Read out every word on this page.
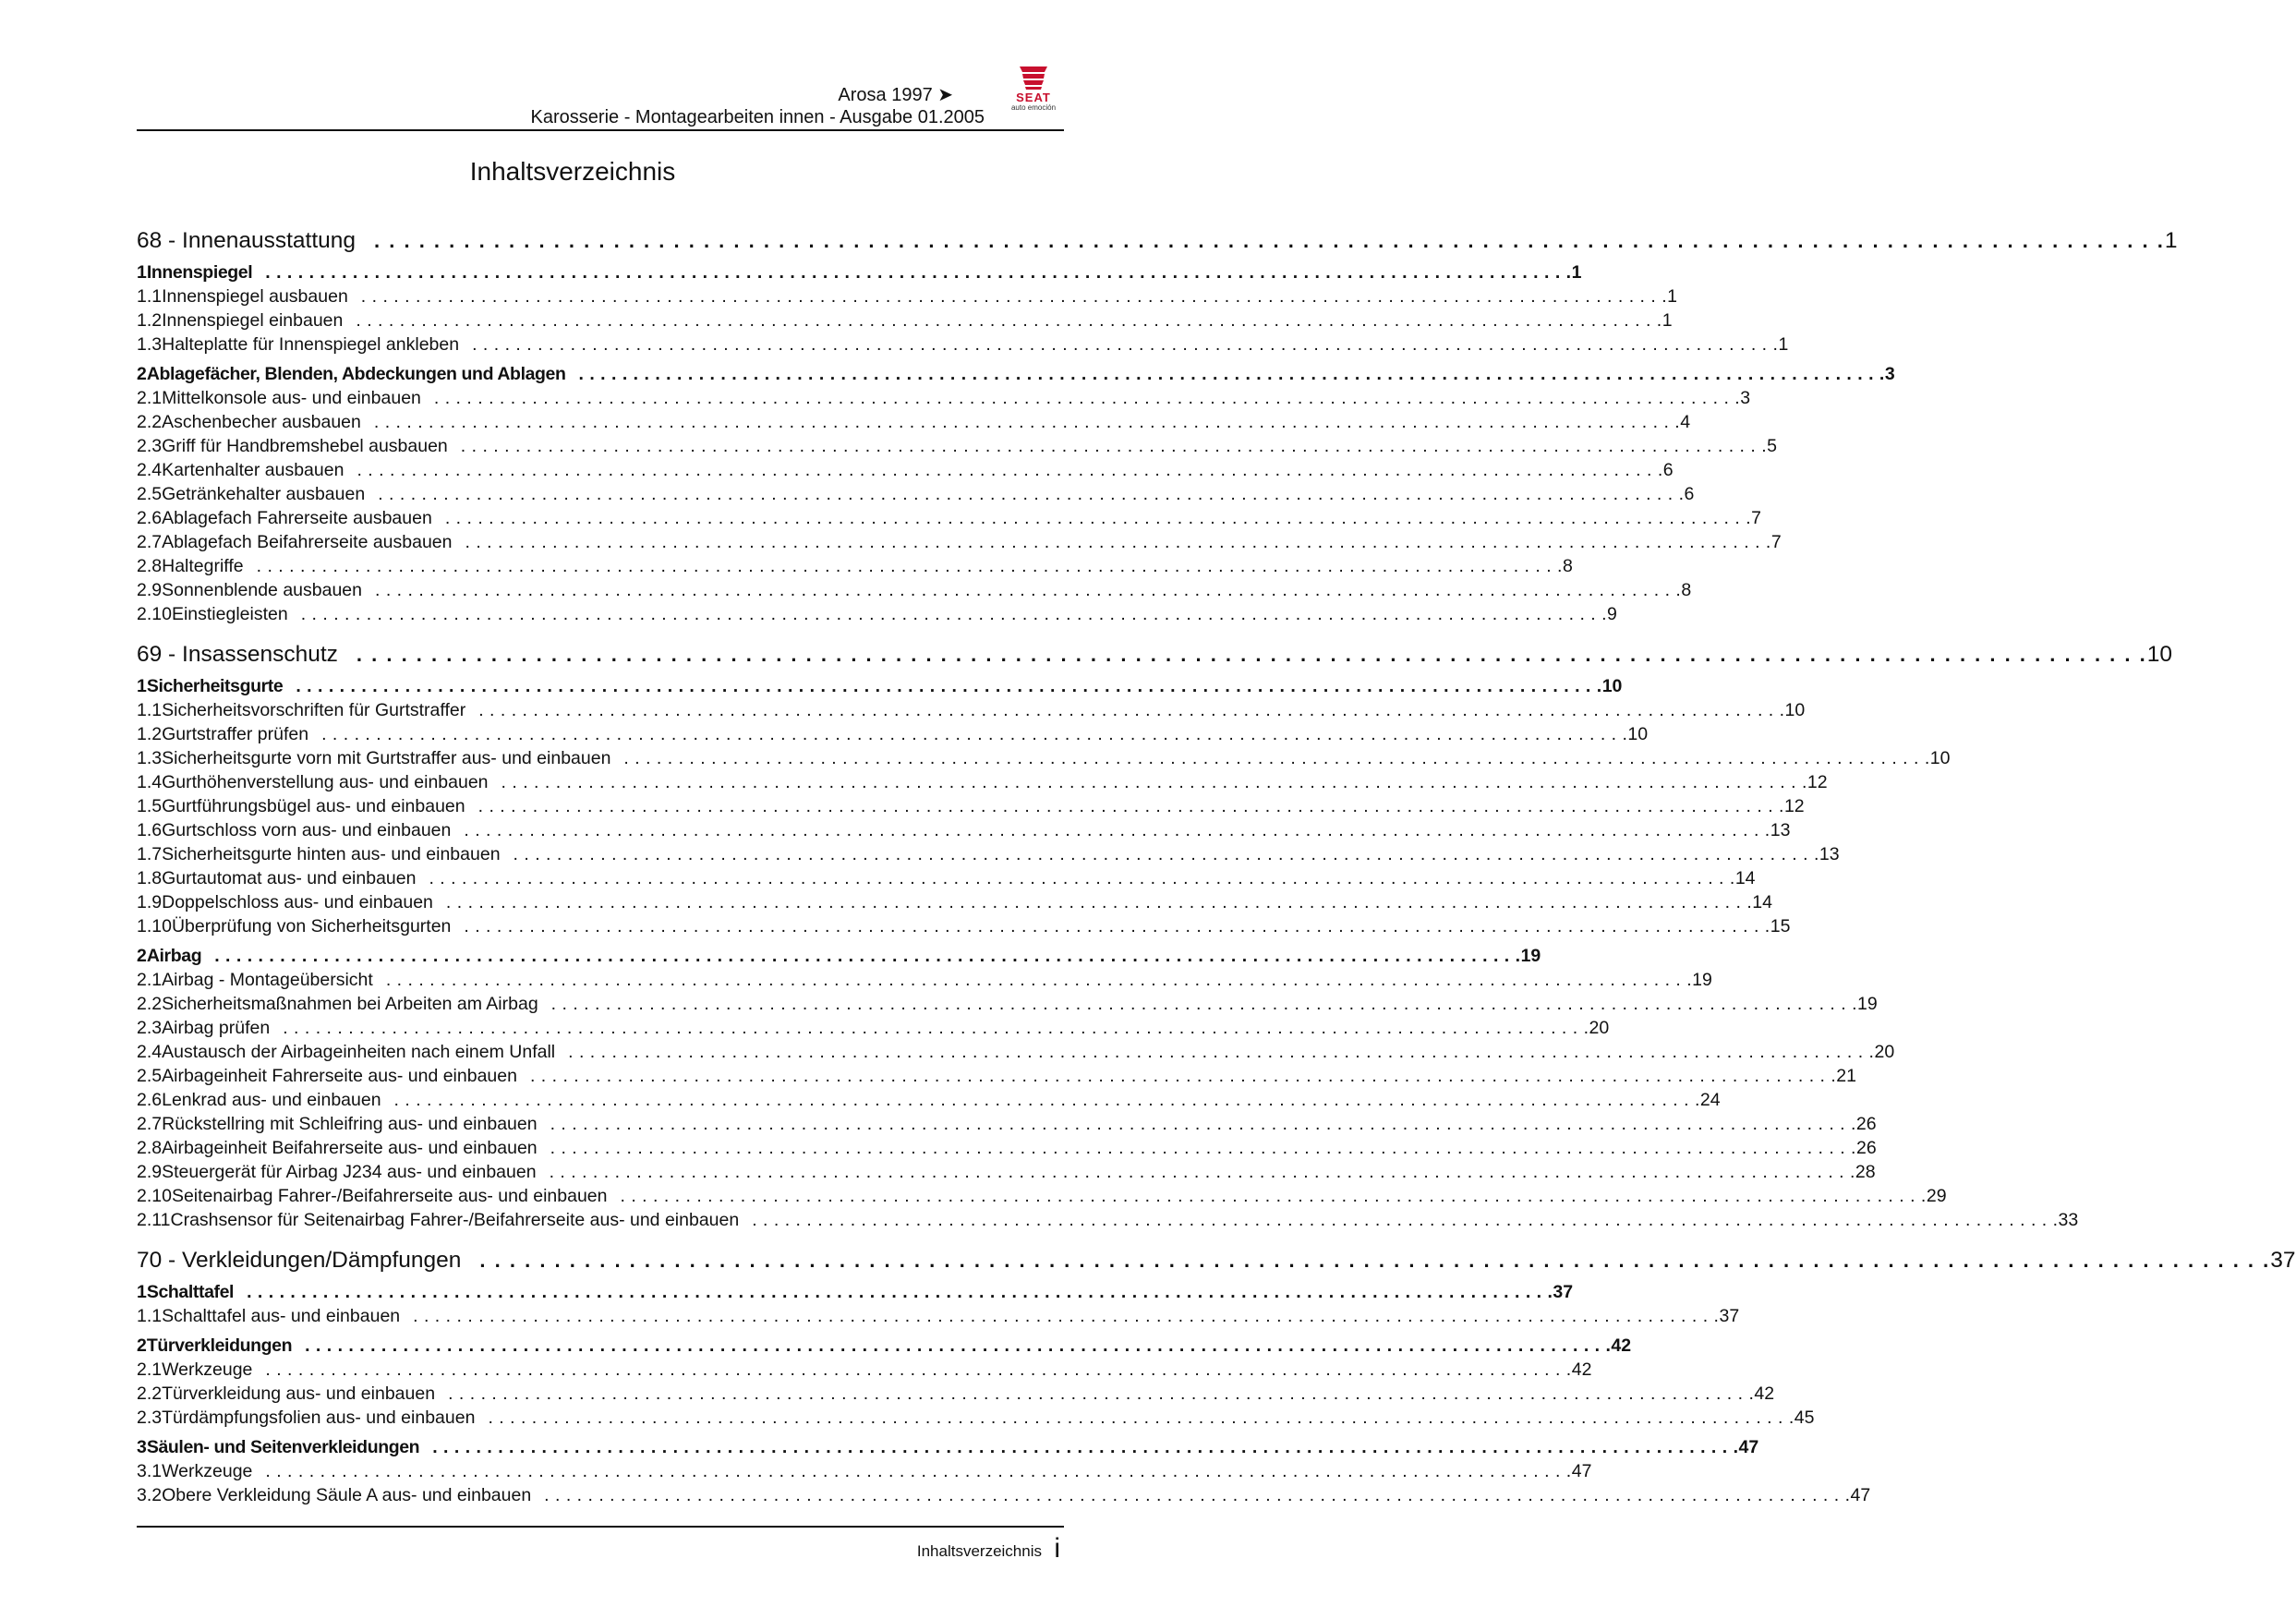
Arosa 1997 ➤
Karosserie - Montagearbeiten innen - Ausgabe 01.2005
SEAT
auto emoción
Inhaltsverzeichnis
68 - Innenausstattung . . . . . . . . . . . . . . . . . . . . . . . . . . . . . . . . . . . . . . . . . . . . . . . . . . . . . . . . . . . . . . . . . . . . . . . . . . . . . . . . . . . . . . . . . . . . . . . . . . . . . . . . . . . . . . . . . . . . . . . . 1
1 Innenspiegel . . . . . . . . . . . . . . . . . . . . . . . . . . . . . . . . . . . . . . . . . . . . . . . . . . . . . . . . . . . . . . . . . . . . . . . . . . . . . . . . . . . . . . . . . . . . . . . . . . . . . . . . . . . . . . . . . . . . . . . . 1
1.1 Innenspiegel ausbauen . . . . . . . . . . . . . . . . . . . . . . . . . . . . . . . . . . . . . . . . . . . . . . . . . . . . . . . . . . . . . . . . . . . . . . . . . . . . . . . . . . . . . . . . . . . . . . . . . . . . . . . . . . . . . . . . . . . . . . . . 1
1.2 Innenspiegel einbauen . . . . . . . . . . . . . . . . . . . . . . . . . . . . . . . . . . . . . . . . . . . . . . . . . . . . . . . . . . . . . . . . . . . . . . . . . . . . . . . . . . . . . . . . . . . . . . . . . . . . . . . . . . . . . . . . . . . . . . . . 1
1.3 Halteplatte für Innenspiegel ankleben . . . . . . . . . . . . . . . . . . . . . . . . . . . . . . . . . . . . . . . . . . . . . . . . . . . . . . . . . . . . . . . . . . . . . . . . . . . . . . . . . . . . . . . . . . . . . . . . . . . . . . . . . . . . . . . . . . . . . . . . 1
2 Ablagefächer, Blenden, Abdeckungen und Ablagen . . . . . . . . . . . . . . . . . . . . . . . . . . . . . . . . . . . . . . . . . . . . . . . . . . . . . . . . . . . . . . . . . . . . . . . . . . . . . . . . . . . . . . . . . . . . . . . . . . . . . . . . . . . . . . . . . . . . . . . . 3
2.1 Mittelkonsole aus- und einbauen . . . . . . . . . . . . . . . . . . . . . . . . . . . . . . . . . . . . . . . . . . . . . . . . . . . . . . . . . . . . . . . . . . . . . . . . . . . . . . . . . . . . . . . . . . . . . . . . . . . . . . . . . . . . . . . . . . . . . . . . 3
2.2 Aschenbecher ausbauen . . . . . . . . . . . . . . . . . . . . . . . . . . . . . . . . . . . . . . . . . . . . . . . . . . . . . . . . . . . . . . . . . . . . . . . . . . . . . . . . . . . . . . . . . . . . . . . . . . . . . . . . . . . . . . . . . . . . . . . . 4
2.3 Griff für Handbremshebel ausbauen . . . . . . . . . . . . . . . . . . . . . . . . . . . . . . . . . . . . . . . . . . . . . . . . . . . . . . . . . . . . . . . . . . . . . . . . . . . . . . . . . . . . . . . . . . . . . . . . . . . . . . . . . . . . . . . . . . . . . . . . 5
2.4 Kartenhalter ausbauen . . . . . . . . . . . . . . . . . . . . . . . . . . . . . . . . . . . . . . . . . . . . . . . . . . . . . . . . . . . . . . . . . . . . . . . . . . . . . . . . . . . . . . . . . . . . . . . . . . . . . . . . . . . . . . . . . . . . . . . . 6
2.5 Getränkehalter ausbauen . . . . . . . . . . . . . . . . . . . . . . . . . . . . . . . . . . . . . . . . . . . . . . . . . . . . . . . . . . . . . . . . . . . . . . . . . . . . . . . . . . . . . . . . . . . . . . . . . . . . . . . . . . . . . . . . . . . . . . . . 6
2.6 Ablagefach Fahrerseite ausbauen . . . . . . . . . . . . . . . . . . . . . . . . . . . . . . . . . . . . . . . . . . . . . . . . . . . . . . . . . . . . . . . . . . . . . . . . . . . . . . . . . . . . . . . . . . . . . . . . . . . . . . . . . . . . . . . . . . . . . . . . 7
2.7 Ablagefach Beifahrerseite ausbauen . . . . . . . . . . . . . . . . . . . . . . . . . . . . . . . . . . . . . . . . . . . . . . . . . . . . . . . . . . . . . . . . . . . . . . . . . . . . . . . . . . . . . . . . . . . . . . . . . . . . . . . . . . . . . . . . . . . . . . . . 7
2.8 Haltegriffe . . . . . . . . . . . . . . . . . . . . . . . . . . . . . . . . . . . . . . . . . . . . . . . . . . . . . . . . . . . . . . . . . . . . . . . . . . . . . . . . . . . . . . . . . . . . . . . . . . . . . . . . . . . . . . . . . . . . . . . . 8
2.9 Sonnenblende ausbauen . . . . . . . . . . . . . . . . . . . . . . . . . . . . . . . . . . . . . . . . . . . . . . . . . . . . . . . . . . . . . . . . . . . . . . . . . . . . . . . . . . . . . . . . . . . . . . . . . . . . . . . . . . . . . . . . . . . . . . . . 8
2.10 Einstiegleisten . . . . . . . . . . . . . . . . . . . . . . . . . . . . . . . . . . . . . . . . . . . . . . . . . . . . . . . . . . . . . . . . . . . . . . . . . . . . . . . . . . . . . . . . . . . . . . . . . . . . . . . . . . . . . . . . . . . . . . . . 9
69 - Insassenschutz . . . . . . . . . . . . . . . . . . . . . . . . . . . . . . . . . . . . . . . . . . . . . . . . . . . . . . . . . . . . . . . . . . . . . . . . . . . . . . . . . . . . . . . . . . . . . . . . . . . . . . . . . . . . . . . . . . . . . . . . 10
1 Sicherheitsgurte . . . . . . . . . . . . . . . . . . . . . . . . . . . . . . . . . . . . . . . . . . . . . . . . . . . . . . . . . . . . . . . . . . . . . . . . . . . . . . . . . . . . . . . . . . . . . . . . . . . . . . . . . . . . . . . . . . . . . . . . 10
1.1 Sicherheitsvorschriften für Gurtstraffer . . . . . . . . . . . . . . . . . . . . . . . . . . . . . . . . . . . . . . . . . . . . . . . . . . . . . . . . . . . . . . . . . . . . . . . . . . . . . . . . . . . . . . . . . . . . . . . . . . . . . . . . . . . . . . . . . . . . . . . . 10
1.2 Gurtstraffer prüfen . . . . . . . . . . . . . . . . . . . . . . . . . . . . . . . . . . . . . . . . . . . . . . . . . . . . . . . . . . . . . . . . . . . . . . . . . . . . . . . . . . . . . . . . . . . . . . . . . . . . . . . . . . . . . . . . . . . . . . . . 10
1.3 Sicherheitsgurte vorn mit Gurtstraffer aus- und einbauen . . . . . . . . . . . . . . . . . . . . . . . . . . . . . . . . . . . . . . . . . . . . . . . . . . . . . . . . . . . . . . . . . . . . . . . . . . . . . . . . . . . . . . . . . . . . . . . . . . . . . . . . . . . . . . . . . . . . . . . . 10
1.4 Gurthöhenverstellung aus- und einbauen . . . . . . . . . . . . . . . . . . . . . . . . . . . . . . . . . . . . . . . . . . . . . . . . . . . . . . . . . . . . . . . . . . . . . . . . . . . . . . . . . . . . . . . . . . . . . . . . . . . . . . . . . . . . . . . . . . . . . . . . 12
1.5 Gurtführungsbügel aus- und einbauen . . . . . . . . . . . . . . . . . . . . . . . . . . . . . . . . . . . . . . . . . . . . . . . . . . . . . . . . . . . . . . . . . . . . . . . . . . . . . . . . . . . . . . . . . . . . . . . . . . . . . . . . . . . . . . . . . . . . . . . . 12
1.6 Gurtschloss vorn aus- und einbauen . . . . . . . . . . . . . . . . . . . . . . . . . . . . . . . . . . . . . . . . . . . . . . . . . . . . . . . . . . . . . . . . . . . . . . . . . . . . . . . . . . . . . . . . . . . . . . . . . . . . . . . . . . . . . . . . . . . . . . . . 13
1.7 Sicherheitsgurte hinten aus- und einbauen . . . . . . . . . . . . . . . . . . . . . . . . . . . . . . . . . . . . . . . . . . . . . . . . . . . . . . . . . . . . . . . . . . . . . . . . . . . . . . . . . . . . . . . . . . . . . . . . . . . . . . . . . . . . . . . . . . . . . . . . 13
1.8 Gurtautomat aus- und einbauen . . . . . . . . . . . . . . . . . . . . . . . . . . . . . . . . . . . . . . . . . . . . . . . . . . . . . . . . . . . . . . . . . . . . . . . . . . . . . . . . . . . . . . . . . . . . . . . . . . . . . . . . . . . . . . . . . . . . . . . . 14
1.9 Doppelschloss aus- und einbauen . . . . . . . . . . . . . . . . . . . . . . . . . . . . . . . . . . . . . . . . . . . . . . . . . . . . . . . . . . . . . . . . . . . . . . . . . . . . . . . . . . . . . . . . . . . . . . . . . . . . . . . . . . . . . . . . . . . . . . . . 14
1.10 Überprüfung von Sicherheitsgurten . . . . . . . . . . . . . . . . . . . . . . . . . . . . . . . . . . . . . . . . . . . . . . . . . . . . . . . . . . . . . . . . . . . . . . . . . . . . . . . . . . . . . . . . . . . . . . . . . . . . . . . . . . . . . . . . . . . . . . . . 15
2 Airbag . . . . . . . . . . . . . . . . . . . . . . . . . . . . . . . . . . . . . . . . . . . . . . . . . . . . . . . . . . . . . . . . . . . . . . . . . . . . . . . . . . . . . . . . . . . . . . . . . . . . . . . . . . . . . . . . . . . . . . . . 19
2.1 Airbag - Montageübersicht . . . . . . . . . . . . . . . . . . . . . . . . . . . . . . . . . . . . . . . . . . . . . . . . . . . . . . . . . . . . . . . . . . . . . . . . . . . . . . . . . . . . . . . . . . . . . . . . . . . . . . . . . . . . . . . . . . . . . . . . 19
2.2 Sicherheitsmaßnahmen bei Arbeiten am Airbag . . . . . . . . . . . . . . . . . . . . . . . . . . . . . . . . . . . . . . . . . . . . . . . . . . . . . . . . . . . . . . . . . . . . . . . . . . . . . . . . . . . . . . . . . . . . . . . . . . . . . . . . . . . . . . . . . . . . . . . . 19
2.3 Airbag prüfen . . . . . . . . . . . . . . . . . . . . . . . . . . . . . . . . . . . . . . . . . . . . . . . . . . . . . . . . . . . . . . . . . . . . . . . . . . . . . . . . . . . . . . . . . . . . . . . . . . . . . . . . . . . . . . . . . . . . . . . . 20
2.4 Austausch der Airbageinheiten nach einem Unfall . . . . . . . . . . . . . . . . . . . . . . . . . . . . . . . . . . . . . . . . . . . . . . . . . . . . . . . . . . . . . . . . . . . . . . . . . . . . . . . . . . . . . . . . . . . . . . . . . . . . . . . . . . . . . . . . . . . . . . . . 20
2.5 Airbageinheit Fahrerseite aus- und einbauen . . . . . . . . . . . . . . . . . . . . . . . . . . . . . . . . . . . . . . . . . . . . . . . . . . . . . . . . . . . . . . . . . . . . . . . . . . . . . . . . . . . . . . . . . . . . . . . . . . . . . . . . . . . . . . . . . . . . . . . . 21
2.6 Lenkrad aus- und einbauen . . . . . . . . . . . . . . . . . . . . . . . . . . . . . . . . . . . . . . . . . . . . . . . . . . . . . . . . . . . . . . . . . . . . . . . . . . . . . . . . . . . . . . . . . . . . . . . . . . . . . . . . . . . . . . . . . . . . . . . . 24
2.7 Rückstellring mit Schleifring aus- und einbauen . . . . . . . . . . . . . . . . . . . . . . . . . . . . . . . . . . . . . . . . . . . . . . . . . . . . . . . . . . . . . . . . . . . . . . . . . . . . . . . . . . . . . . . . . . . . . . . . . . . . . . . . . . . . . . . . . . . . . . . . 26
2.8 Airbageinheit Beifahrerseite aus- und einbauen . . . . . . . . . . . . . . . . . . . . . . . . . . . . . . . . . . . . . . . . . . . . . . . . . . . . . . . . . . . . . . . . . . . . . . . . . . . . . . . . . . . . . . . . . . . . . . . . . . . . . . . . . . . . . . . . . . . . . . . . 26
2.9 Steuergerät für Airbag J234 aus- und einbauen . . . . . . . . . . . . . . . . . . . . . . . . . . . . . . . . . . . . . . . . . . . . . . . . . . . . . . . . . . . . . . . . . . . . . . . . . . . . . . . . . . . . . . . . . . . . . . . . . . . . . . . . . . . . . . . . . . . . . . . . 28
2.10 Seitenairbag Fahrer-/Beifahrerseite aus- und einbauen . . . . . . . . . . . . . . . . . . . . . . . . . . . . . . . . . . . . . . . . . . . . . . . . . . . . . . . . . . . . . . . . . . . . . . . . . . . . . . . . . . . . . . . . . . . . . . . . . . . . . . . . . . . . . . . . . . . . . . . . 29
2.11 Crashsensor für Seitenairbag Fahrer-/Beifahrerseite aus- und einbauen . . . . . . . . . . . . . . . . . . . . . . . . . . . . . . . . . . . . . . . . . . . . . . . . . . . . . . . . . . . . . . . . . . . . . . . . . . . . . . . . . . . . . . . . . . . . . . . . . . . . . . . . . . . . . . . . . . . . . . . . 33
70 - Verkleidungen/Dämpfungen . . . . . . . . . . . . . . . . . . . . . . . . . . . . . . . . . . . . . . . . . . . . . . . . . . . . . . . . . . . . . . . . . . . . . . . . . . . . . . . . . . . . . . . . . . . . . . . . . . . . . . . . . . . . . . . . . . . . . . . . 37
1 Schalttafel . . . . . . . . . . . . . . . . . . . . . . . . . . . . . . . . . . . . . . . . . . . . . . . . . . . . . . . . . . . . . . . . . . . . . . . . . . . . . . . . . . . . . . . . . . . . . . . . . . . . . . . . . . . . . . . . . . . . . . . . 37
1.1 Schalttafel aus- und einbauen . . . . . . . . . . . . . . . . . . . . . . . . . . . . . . . . . . . . . . . . . . . . . . . . . . . . . . . . . . . . . . . . . . . . . . . . . . . . . . . . . . . . . . . . . . . . . . . . . . . . . . . . . . . . . . . . . . . . . . . . 37
2 Türverkleidungen . . . . . . . . . . . . . . . . . . . . . . . . . . . . . . . . . . . . . . . . . . . . . . . . . . . . . . . . . . . . . . . . . . . . . . . . . . . . . . . . . . . . . . . . . . . . . . . . . . . . . . . . . . . . . . . . . . . . . . . . 42
2.1 Werkzeuge . . . . . . . . . . . . . . . . . . . . . . . . . . . . . . . . . . . . . . . . . . . . . . . . . . . . . . . . . . . . . . . . . . . . . . . . . . . . . . . . . . . . . . . . . . . . . . . . . . . . . . . . . . . . . . . . . . . . . . . . 42
2.2 Türverkleidung aus- und einbauen . . . . . . . . . . . . . . . . . . . . . . . . . . . . . . . . . . . . . . . . . . . . . . . . . . . . . . . . . . . . . . . . . . . . . . . . . . . . . . . . . . . . . . . . . . . . . . . . . . . . . . . . . . . . . . . . . . . . . . . . 42
2.3 Türdämpfungsfolien aus- und einbauen . . . . . . . . . . . . . . . . . . . . . . . . . . . . . . . . . . . . . . . . . . . . . . . . . . . . . . . . . . . . . . . . . . . . . . . . . . . . . . . . . . . . . . . . . . . . . . . . . . . . . . . . . . . . . . . . . . . . . . . . 45
3 Säulen- und Seitenverkleidungen . . . . . . . . . . . . . . . . . . . . . . . . . . . . . . . . . . . . . . . . . . . . . . . . . . . . . . . . . . . . . . . . . . . . . . . . . . . . . . . . . . . . . . . . . . . . . . . . . . . . . . . . . . . . . . . . . . . . . . . . 47
3.1 Werkzeuge . . . . . . . . . . . . . . . . . . . . . . . . . . . . . . . . . . . . . . . . . . . . . . . . . . . . . . . . . . . . . . . . . . . . . . . . . . . . . . . . . . . . . . . . . . . . . . . . . . . . . . . . . . . . . . . . . . . . . . . . 47
3.2 Obere Verkleidung Säule A aus- und einbauen . . . . . . . . . . . . . . . . . . . . . . . . . . . . . . . . . . . . . . . . . . . . . . . . . . . . . . . . . . . . . . . . . . . . . . . . . . . . . . . . . . . . . . . . . . . . . . . . . . . . . . . . . . . . . . . . . . . . . . . . 47
Inhaltsverzeichnis i
